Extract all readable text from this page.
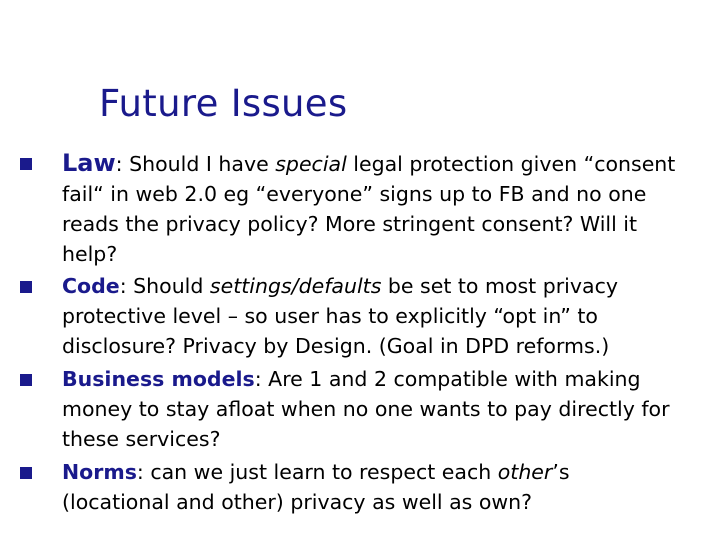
Future Issues
Law: Should I have special legal protection given “consent
fail“ in web 2.0 eg “everyone” signs up to FB and no one
reads the privacy policy? More stringent consent? Will it
help?
Code: Should settings/defaults be set to most privacy
protective level – so user has to explicitly “opt in” to
disclosure? Privacy by Design. (Goal in DPD reforms.)
Business models: Are 1 and 2 compatible with making
money to stay afloat when no one wants to pay directly for
these services?
Norms: can we just learn to respect each other’s
(locational and other) privacy as well as own?
